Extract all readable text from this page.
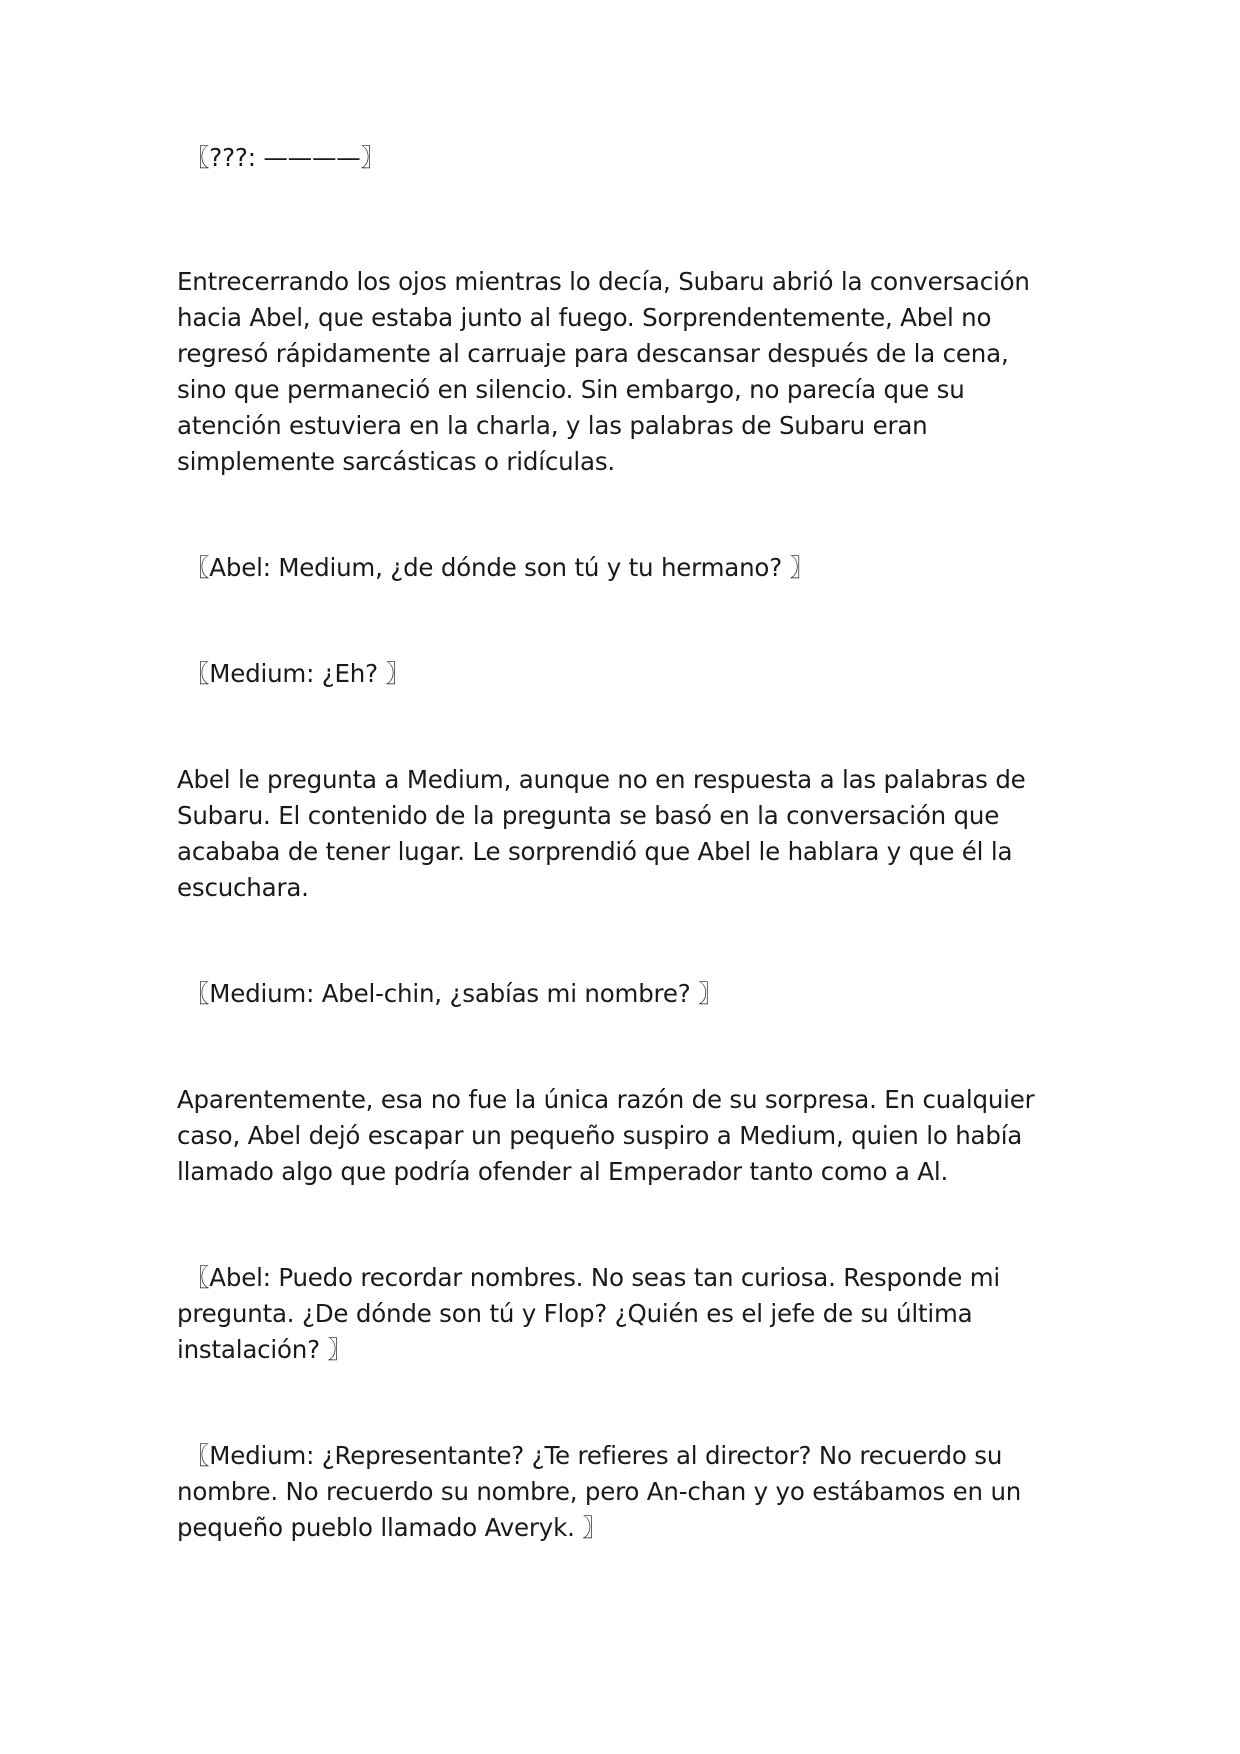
〖???: ————〗

Entrecerrando los ojos mientras lo decía, Subaru abrió la conversación hacia Abel, que estaba junto al fuego. Sorprendentemente, Abel no regresó rápidamente al carruaje para descansar después de la cena, sino que permaneció en silencio. Sin embargo, no parecía que su atención estuviera en la charla, y las palabras de Subaru eran simplemente sarcásticas o ridículas.

〖Abel: Medium, ¿de dónde son tú y tu hermano? 〗

〖Medium: ¿Eh? 〗

Abel le pregunta a Medium, aunque no en respuesta a las palabras de Subaru. El contenido de la pregunta se basó en la conversación que acababa de tener lugar. Le sorprendió que Abel le hablara y que él la escuchara.

〖Medium: Abel-chin, ¿sabías mi nombre? 〗

Aparentemente, esa no fue la única razón de su sorpresa. En cualquier caso, Abel dejó escapar un pequeño suspiro a Medium, quien lo había llamado algo que podría ofender al Emperador tanto como a Al.

〖Abel: Puedo recordar nombres. No seas tan curiosa. Responde mi pregunta. ¿De dónde son tú y Flop? ¿Quién es el jefe de su última instalación? 〗

〖Medium: ¿Representante? ¿Te refieres al director? No recuerdo su nombre. No recuerdo su nombre, pero An-chan y yo estábamos en un pequeño pueblo llamado Averyk. 〗
